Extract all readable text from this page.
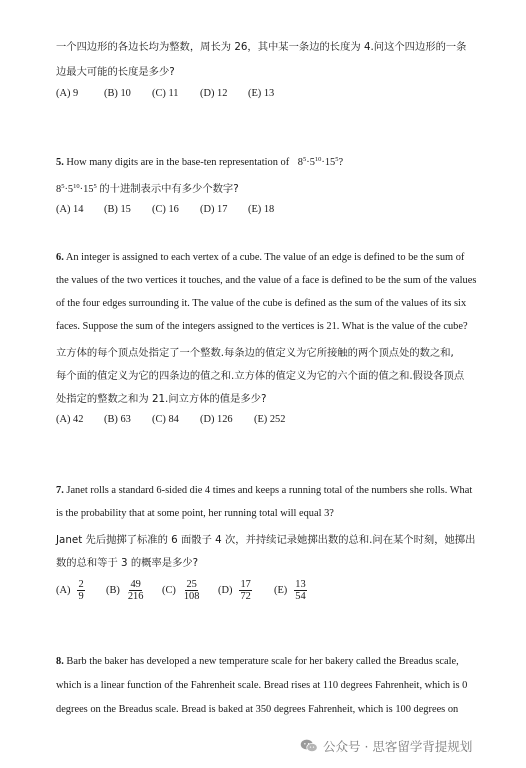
一个四边形的各边长均为整数，周长为 26，其中某一条边的长度为 4.问这个四边形的一条
边最大可能的长度是多少?
(A) 9 (B) 10 (C) 11 (D) 12 (E) 13
5. How many digits are in the base-ten representation of $8^5\cdot 5^{10}\cdot 15^5$?
$8^5\cdot 5^{10}\cdot 15^5$ 的十进制表示中有多少个数字?
(A) 14 (B) 15 (C) 16 (D) 17 (E) 18
6. An integer is assigned to each vertex of a cube. The value of an edge is defined to be the sum of
the values of the two vertices it touches, and the value of a face is defined to be the sum of the values
of the four edges surrounding it. The value of the cube is defined as the sum of the values of its six
faces. Suppose the sum of the integers assigned to the vertices is 21. What is the value of the cube?
立方体的每个顶点处指定了一个整数.每条边的值定义为它所接触的两个顶点处的数之和,
每个面的值定义为它的四条边的值之和.立方体的值定义为它的六个面的值之和.假设各顶点
处指定的整数之和为 21.问立方体的值是多少?
(A) 42 (B) 63 (C) 84 (D) 126 (E) 252
7. Janet rolls a standard 6-sided die 4 times and keeps a running total of the numbers she rolls. What
is the probability that at some point, her running total will equal 3?
Janet 先后抛掷了标准的 6 面骰子 4 次，并持续记录她掷出数的总和.问在某个时刻，她掷出
数的总和等于 3 的概率是多少?
$(A) \frac{2}{9} (B) \frac{49}{216} (C) \frac{25}{108} (D) \frac{17}{72} (E) \frac{13}{54}$
8. Barb the baker has developed a new temperature scale for her bakery called the Breadus scale,
which is a linear function of the Fahrenheit scale. Bread rises at 110 degrees Fahrenheit, which is 0
degrees on the Breadus scale. Bread is baked at 350 degrees Fahrenheit, which is 100 degrees on
公众号 · 思客留学背提规划
